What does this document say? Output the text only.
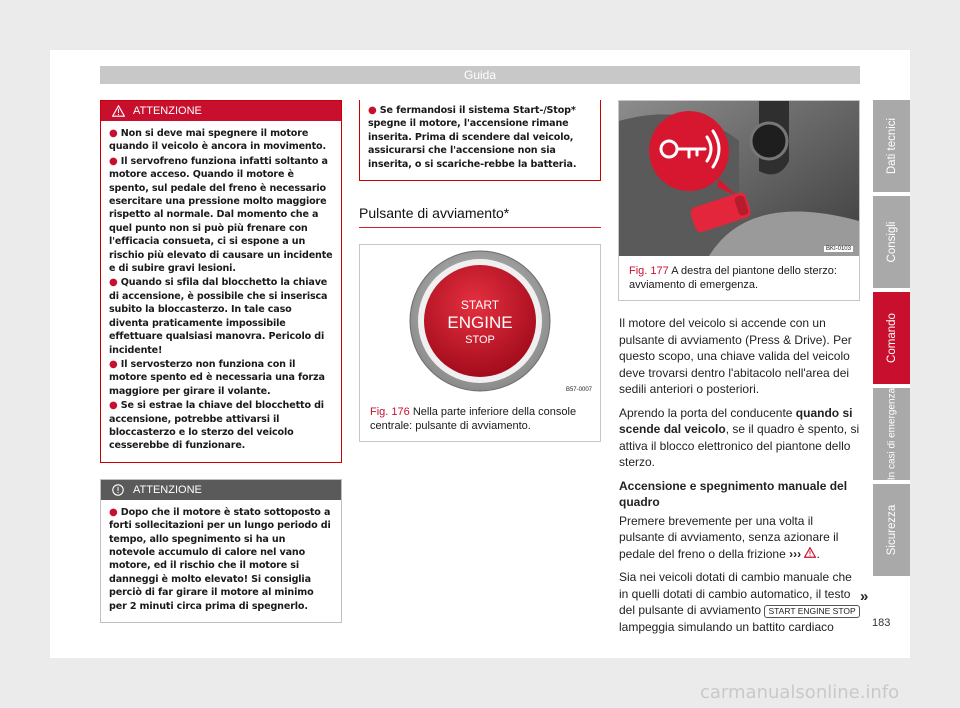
Guida
ATTENZIONE

● Non si deve mai spegnere il motore quando il veicolo è ancora in movimento.

● Il servofreno funziona infatti soltanto a motore acceso. Quando il motore è spento, sul pedale del freno è necessario esercitare una pressione molto maggiore rispetto al normale. Dal momento che a quel punto non si può più frenare con l'efficacia consueta, ci si espone a un rischio più elevato di causare un incidente e di subire gravi lesioni.

● Quando si sfila dal blocchetto la chiave di accensione, è possibile che si inserisca subito la bloccasterzo. In tale caso diventa praticamente impossibile effettuare qualsiasi manovra. Pericolo di incidente!

● Il servosterzo non funziona con il motore spento ed è necessaria una forza maggiore per girare il volante.

● Se si estrae la chiave del blocchetto di accensione, potrebbe attivarsi il bloccasterzo e lo sterzo del veicolo cesserebbe di funzionare.

ATTENZIONE

● Dopo che il motore è stato sottoposto a forti sollecitazioni per un lungo periodo di tempo, allo spegnimento si ha un notevole accumulo di calore nel vano motore, ed il rischio che il motore si danneggi è molto elevato! Si consiglia perciò di far girare il motore al minimo per 2 minuti circa prima di spegnerlo.

● Se fermandosi il sistema Start-/Stop* spegne il motore, l'accensione rimane inserita. Prima di scendere dal veicolo, assicurarsi che l'accensione non sia inserita, o si scariche-rebbe la batteria.

Pulsante di avviamento*
START
ENGINE
STOP
B57-0007
Fig. 176 Nella parte inferiore della console centrale: pulsante di avviamento.
BKI-0103
Fig. 177 A destra del piantone dello sterzo: avviamento di emergenza.

Il motore del veicolo si accende con un pulsante di avviamento (Press & Drive). Per questo scopo, una chiave valida del veicolo deve trovarsi dentro l'abitacolo nell'area dei sedili anteriori o posteriori.

Aprendo la porta del conducente quando si scende dal veicolo, se il quadro è spento, si attiva il blocco elettronico del piantone dello sterzo.

Accensione e spegnimento manuale del quadro

Premere brevemente per una volta il pulsante di avviamento, senza azionare il pedale del freno o della frizione ››› .

Sia nei veicoli dotati di cambio manuale che in quelli dotati di cambio automatico, il testo del pulsante di avviamento START ENGINE STOP lampeggia simulando un battito cardiaco

»
Dati tecnici
Consigli
Comando
In casi di emergenza
Sicurezza
183
carmanualsonline.info
